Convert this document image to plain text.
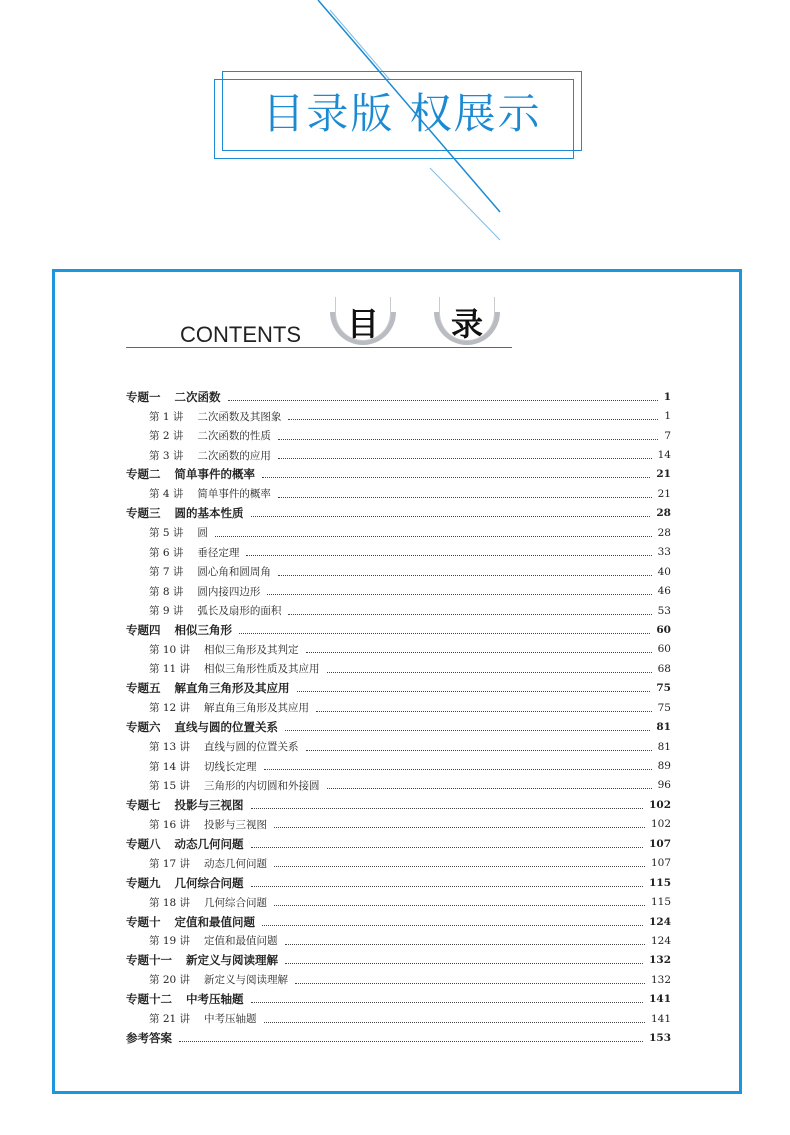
目录版 权展示
CONTENTS	目	录
专题一 二次函数	1
第 1 讲 二次函数及其图象	1
第 2 讲 二次函数的性质	7
第 3 讲 二次函数的应用	14
专题二 简单事件的概率	21
第 4 讲 简单事件的概率	21
专题三 圆的基本性质	28
第 5 讲 圆	28
第 6 讲 垂径定理	33
第 7 讲 圆心角和圆周角	40
第 8 讲 圆内接四边形	46
第 9 讲 弧长及扇形的面积	53
专题四 相似三角形	60
第 10 讲 相似三角形及其判定	60
第 11 讲 相似三角形性质及其应用	68
专题五 解直角三角形及其应用	75
第 12 讲 解直角三角形及其应用	75
专题六 直线与圆的位置关系	81
第 13 讲 直线与圆的位置关系	81
第 14 讲 切线长定理	89
第 15 讲 三角形的内切圆和外接圆	96
专题七 投影与三视图	102
第 16 讲 投影与三视图	102
专题八 动态几何问题	107
第 17 讲 动态几何问题	107
专题九 几何综合问题	115
第 18 讲 几何综合问题	115
专题十 定值和最值问题	124
第 19 讲 定值和最值问题	124
专题十一 新定义与阅读理解	132
第 20 讲 新定义与阅读理解	132
专题十二 中考压轴题	141
第 21 讲 中考压轴题	141
参考答案	153
